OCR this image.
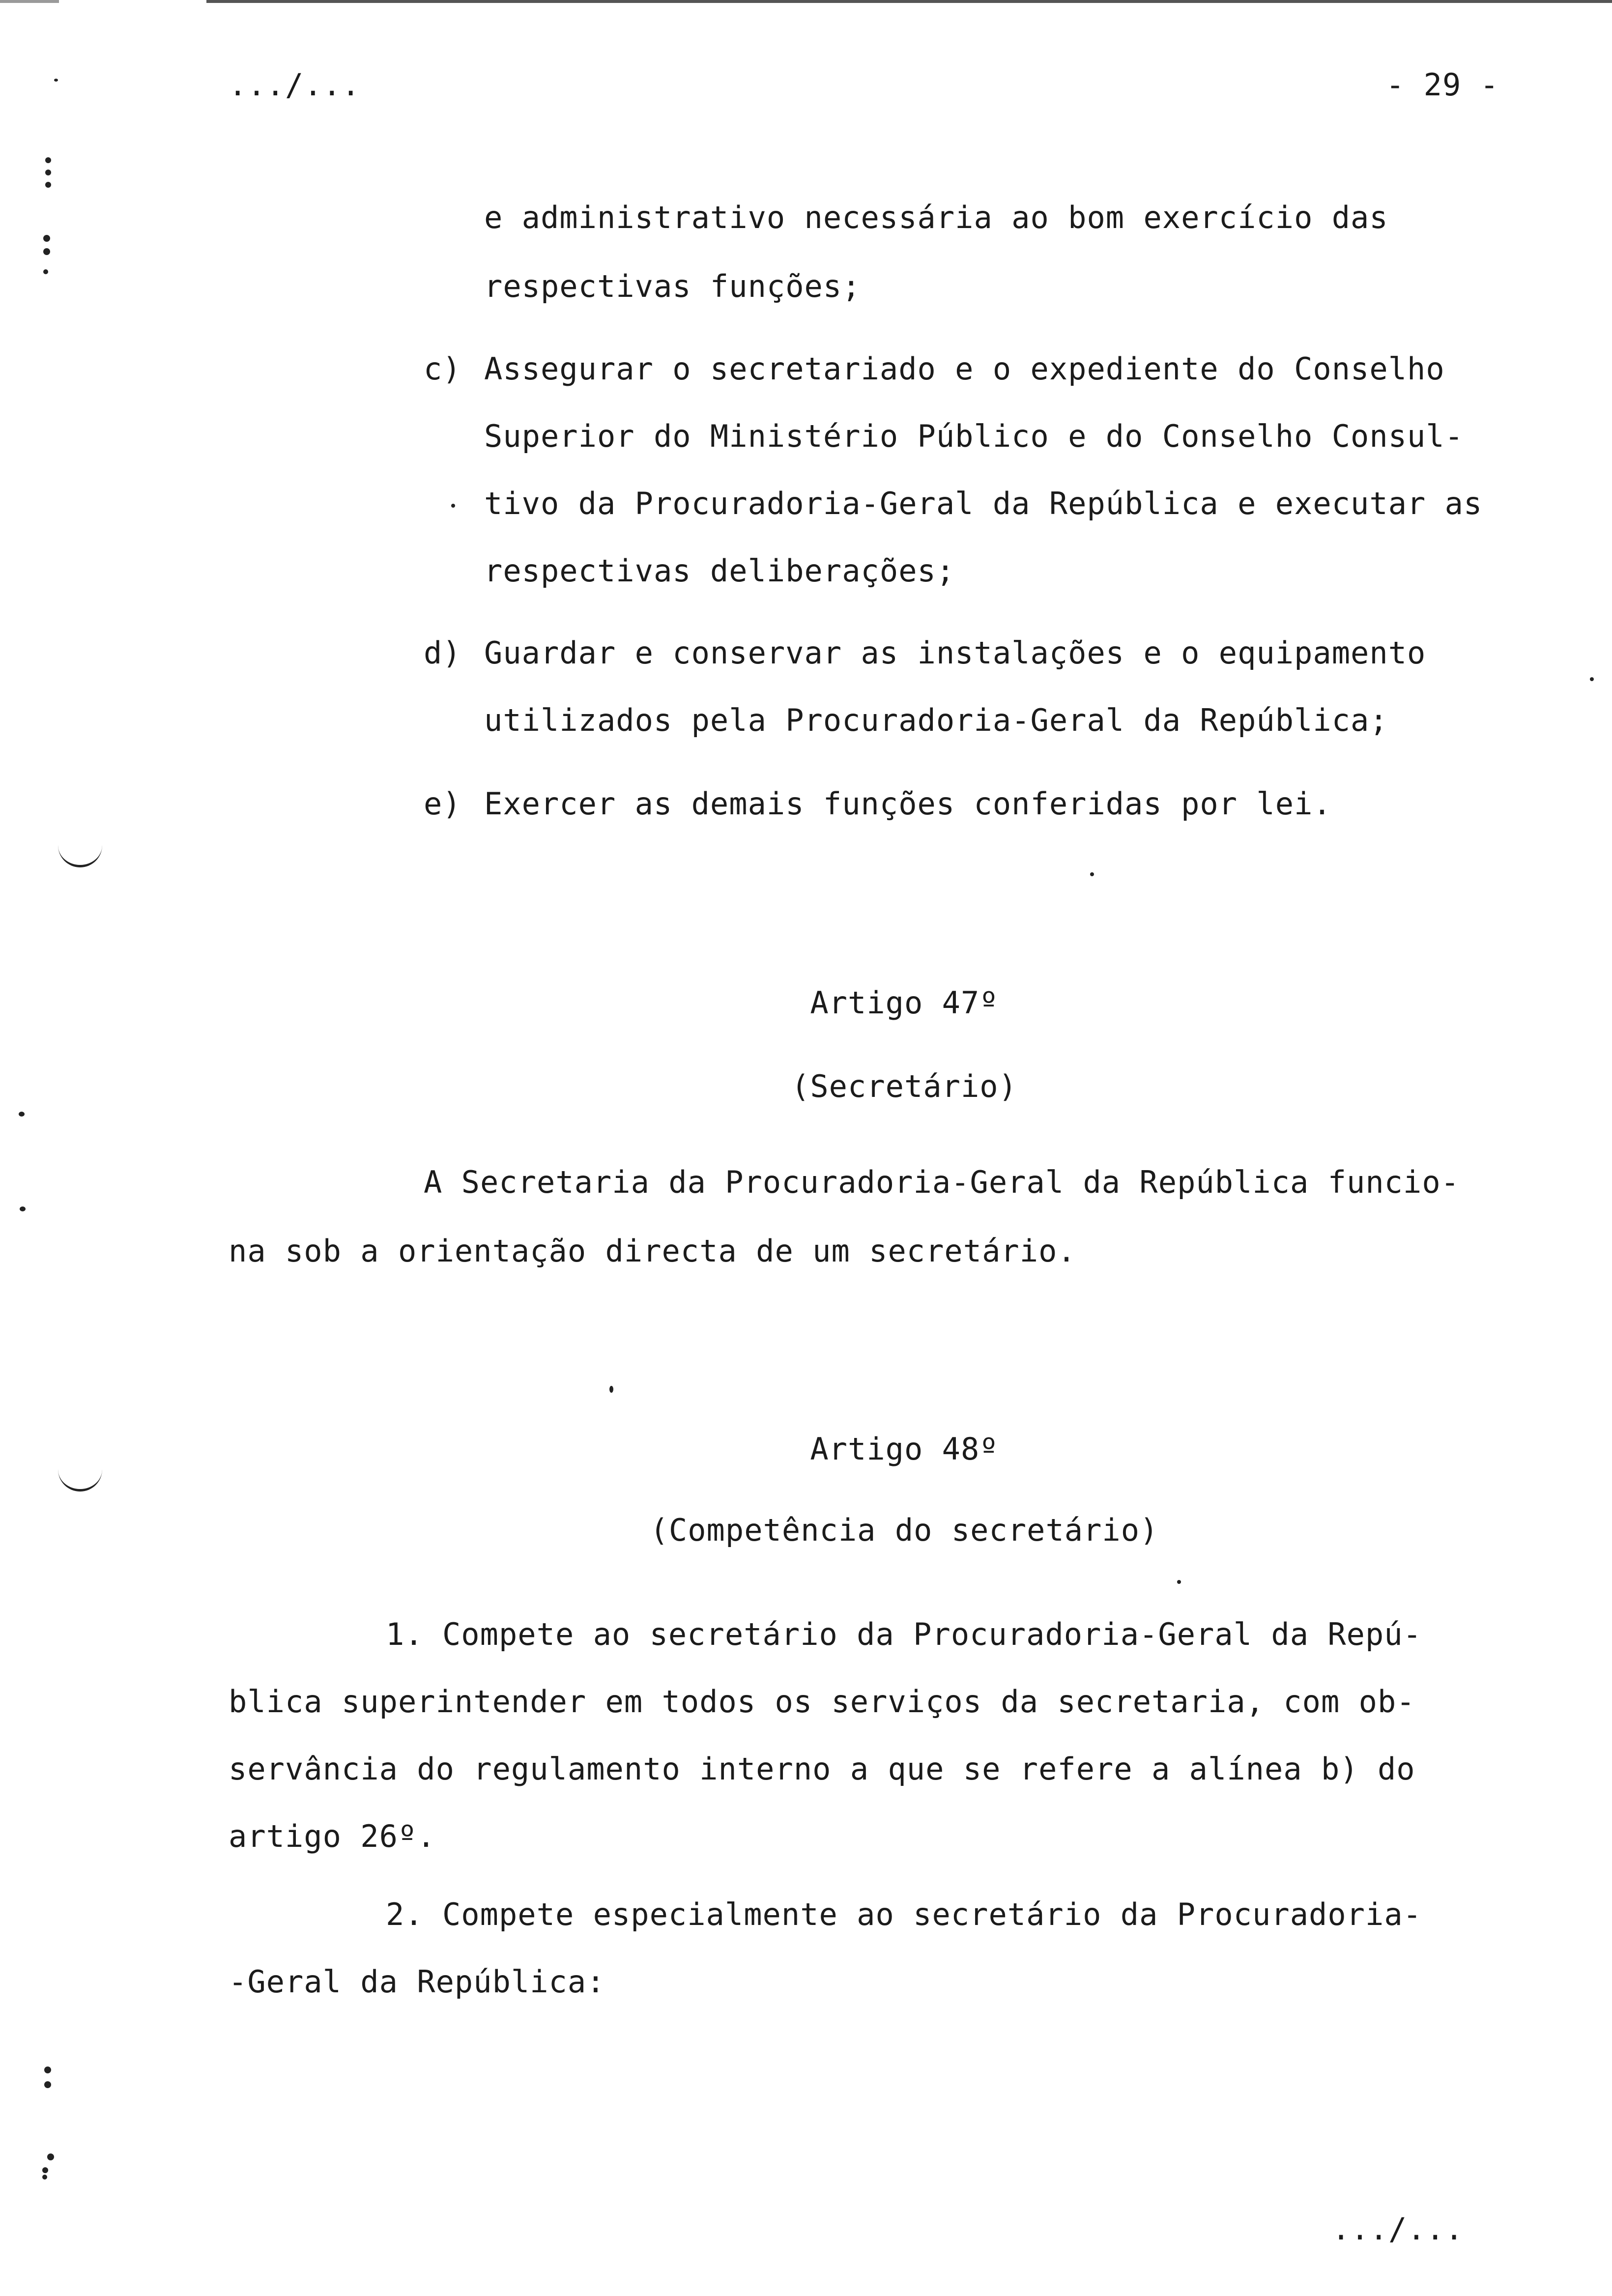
.../...	- 29 -
e administrativo necessária ao bom exercício das
respectivas funções;
c) Assegurar o secretariado e o expediente do Conselho
Superior do Ministério Público e do Conselho Consul-
tivo da Procuradoria-Geral da República e executar as
respectivas deliberações;
d) Guardar e conservar as instalações e o equipamento
utilizados pela Procuradoria-Geral da República;
e) Exercer as demais funções conferidas por lei.
Artigo 47º
(Secretário)
A Secretaria da Procuradoria-Geral da República funcio-
na sob a orientação directa de um secretário.
Artigo 48º
(Competência do secretário)
1. Compete ao secretário da Procuradoria-Geral da Repú-
blica superintender em todos os serviços da secretaria, com ob-
servância do regulamento interno a que se refere a alínea b) do
artigo 26º.
2. Compete especialmente ao secretário da Procuradoria-
-Geral da República:
.../...
